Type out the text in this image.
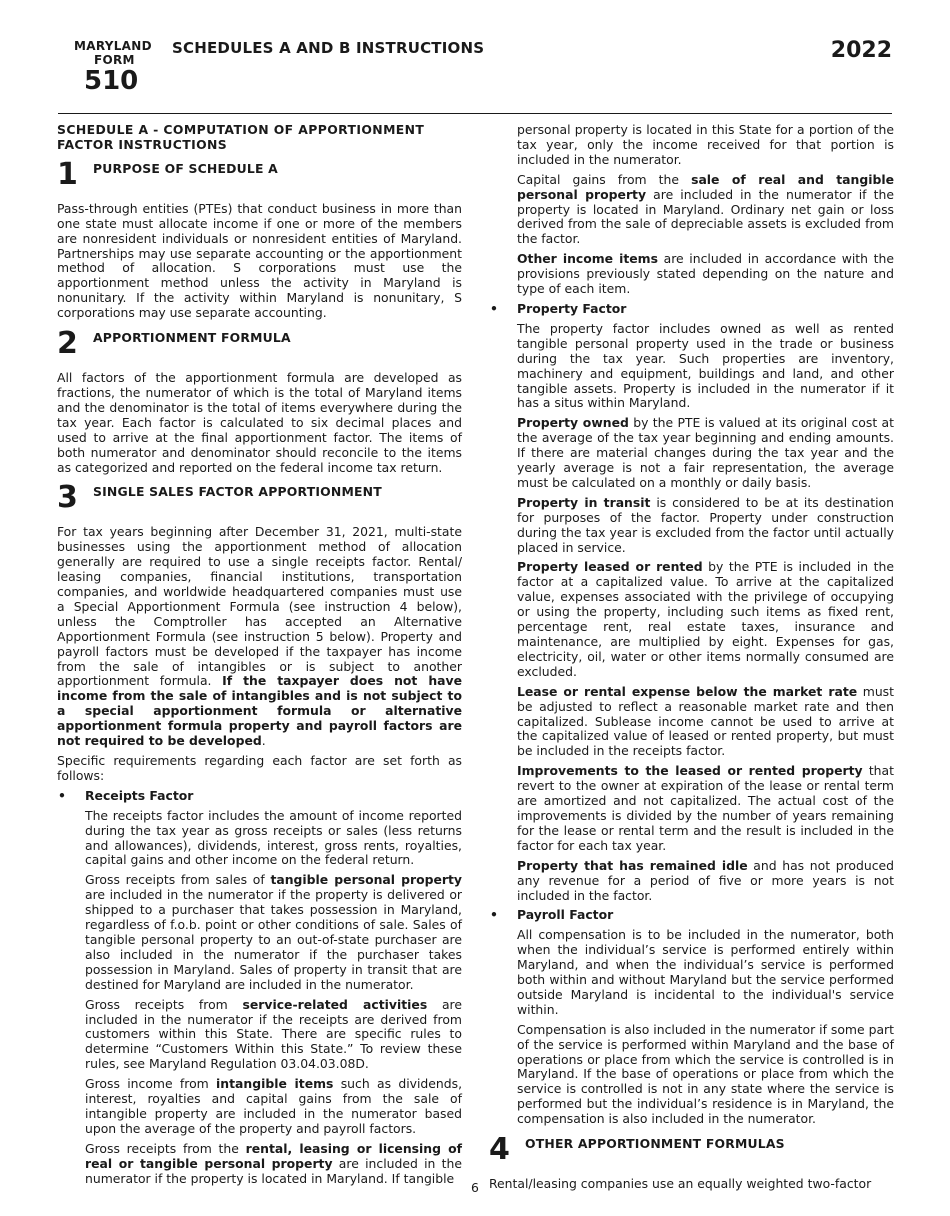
MARYLAND
FORM
510
SCHEDULES A AND B INSTRUCTIONS	2022
SCHEDULE A - COMPUTATION OF APPORTIONMENT FACTOR INSTRUCTIONS
1	PURPOSE OF SCHEDULE A

Pass-through entities (PTEs) that conduct business in more than one state must allocate income if one or more of the members are nonresident individuals or nonresident entities of Maryland. Partnerships may use separate accounting or the apportionment method of allocation. S corporations must use the apportionment method unless the activity in Maryland is nonunitary. If the activity within Maryland is nonunitary, S corporations may use separate accounting.

2	APPORTIONMENT FORMULA

All factors of the apportionment formula are developed as fractions, the numerator of which is the total of Maryland items and the denominator is the total of items everywhere during the tax year. Each factor is calculated to six decimal places and used to arrive at the final apportionment factor. The items of both numerator and denominator should reconcile to the items as categorized and reported on the federal income tax return.

3	SINGLE SALES FACTOR APPORTIONMENT

For tax years beginning after December 31, 2021, multi-state businesses using the apportionment method of allocation generally are required to use a single receipts factor. Rental/ leasing companies, financial institutions, transportation companies, and worldwide headquartered companies must use a Special Apportionment Formula (see instruction 4 below), unless the Comptroller has accepted an Alternative Apportionment Formula (see instruction 5 below). Property and payroll factors must be developed if the taxpayer has income from the sale of intangibles or is subject to another apportionment formula. If the taxpayer does not have income from the sale of intangibles and is not subject to a special apportionment formula or alternative apportionment formula property and payroll factors are not required to be developed.

Specific requirements regarding each factor are set forth as follows:

•	Receipts Factor

The receipts factor includes the amount of income reported during the tax year as gross receipts or sales (less returns and allowances), dividends, interest, gross rents, royalties, capital gains and other income on the federal return.

Gross receipts from sales of tangible personal property are included in the numerator if the property is delivered or shipped to a purchaser that takes possession in Maryland, regardless of f.o.b. point or other conditions of sale. Sales of tangible personal property to an out-of-state purchaser are also included in the numerator if the purchaser takes possession in Maryland. Sales of property in transit that are destined for Maryland are included in the numerator.

Gross receipts from service-related activities are included in the numerator if the receipts are derived from customers within this State. There are specific rules to determine “Customers Within this State.” To review these rules, see Maryland Regulation 03.04.03.08D.

Gross income from intangible items such as dividends, interest, royalties and capital gains from the sale of intangible property are included in the numerator based upon the average of the property and payroll factors.

Gross receipts from the rental, leasing or licensing of real or tangible personal property are included in the numerator if the property is located in Maryland. If tangible

personal property is located in this State for a portion of the tax year, only the income received for that portion is included in the numerator.

Capital gains from the sale of real and tangible personal property are included in the numerator if the property is located in Maryland. Ordinary net gain or loss derived from the sale of depreciable assets is excluded from the factor.

Other income items are included in accordance with the provisions previously stated depending on the nature and type of each item.

•	Property Factor

The property factor includes owned as well as rented tangible personal property used in the trade or business during the tax year. Such properties are inventory, machinery and equipment, buildings and land, and other tangible assets. Property is included in the numerator if it has a situs within Maryland.

Property owned by the PTE is valued at its original cost at the average of the tax year beginning and ending amounts. If there are material changes during the tax year and the yearly average is not a fair representation, the average must be calculated on a monthly or daily basis.

Property in transit is considered to be at its destination for purposes of the factor. Property under construction during the tax year is excluded from the factor until actually placed in service.

Property leased or rented by the PTE is included in the factor at a capitalized value. To arrive at the capitalized value, expenses associated with the privilege of occupying or using the property, including such items as fixed rent, percentage rent, real estate taxes, insurance and maintenance, are multiplied by eight. Expenses for gas, electricity, oil, water or other items normally consumed are excluded.

Lease or rental expense below the market rate must be adjusted to reflect a reasonable market rate and then capitalized. Sublease income cannot be used to arrive at the capitalized value of leased or rented property, but must be included in the receipts factor.

Improvements to the leased or rented property that revert to the owner at expiration of the lease or rental term are amortized and not capitalized. The actual cost of the improvements is divided by the number of years remaining for the lease or rental term and the result is included in the factor for each tax year.

Property that has remained idle and has not produced any revenue for a period of five or more years is not included in the factor.

•	Payroll Factor

All compensation is to be included in the numerator, both when the individual’s service is performed entirely within Maryland, and when the individual’s service is performed both within and without Maryland but the service performed outside Maryland is incidental to the individual's service within.

Compensation is also included in the numerator if some part of the service is performed within Maryland and the base of operations or place from which the service is controlled is in Maryland. If the base of operations or place from which the service is controlled is not in any state where the service is performed but the individual’s residence is in Maryland, the compensation is also included in the numerator.

4	OTHER APPORTIONMENT FORMULAS

Rental/leasing companies use an equally weighted two-factor

6
